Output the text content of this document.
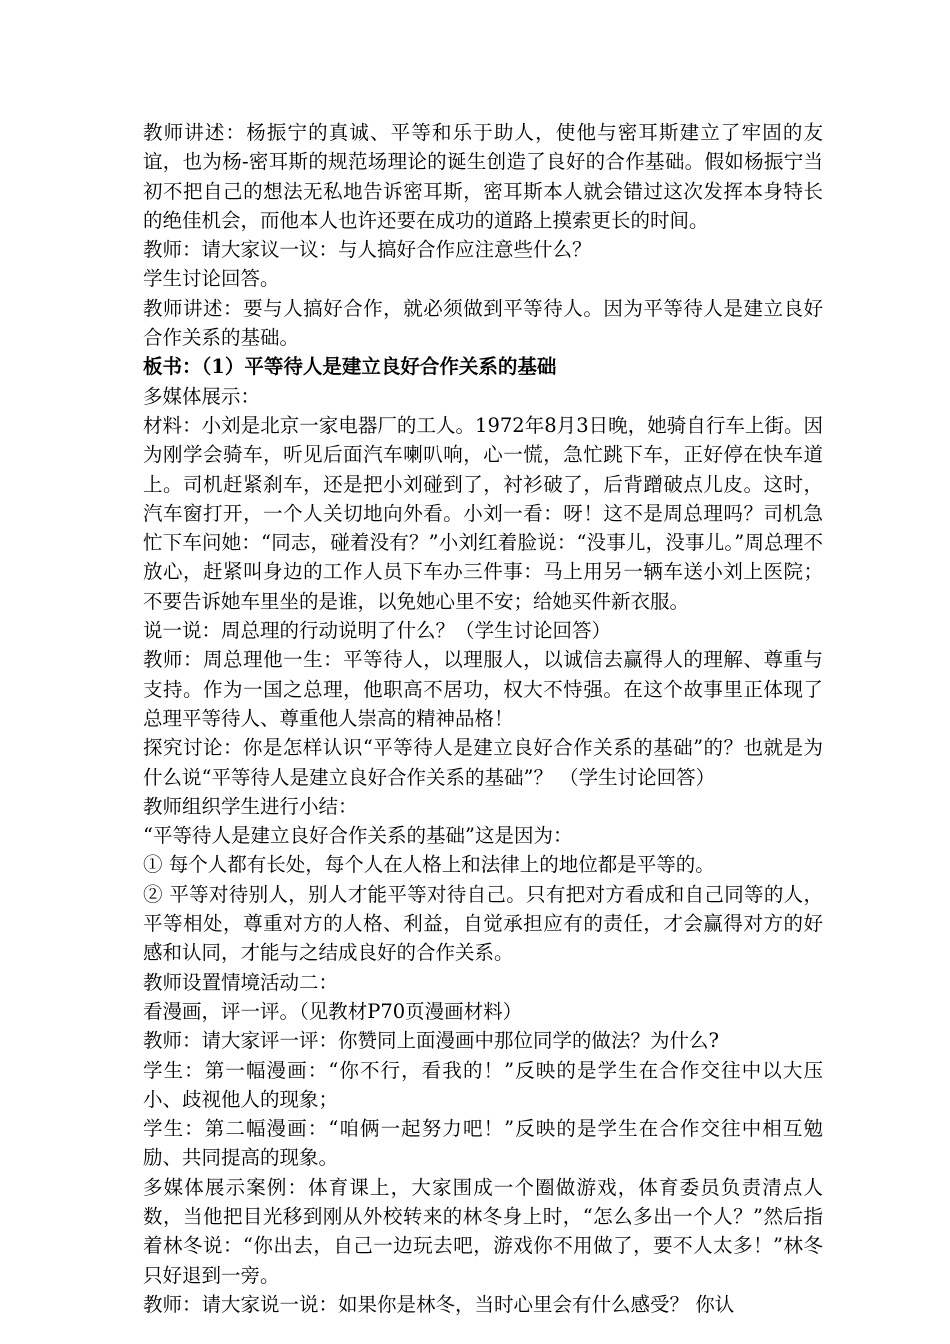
教师讲述：杨振宁的真诚、平等和乐于助人，使他与密耳斯建立了牢固的友谊，也为杨-密耳斯的规范场理论的诞生创造了良好的合作基础。假如杨振宁当初不把自己的想法无私地告诉密耳斯，密耳斯本人就会错过这次发挥本身特长的绝佳机会，而他本人也许还要在成功的道路上摸索更长的时间。

教师：请大家议一议：与人搞好合作应注意些什么？

学生讨论回答。

教师讲述：要与人搞好合作，就必须做到平等待人。因为平等待人是建立良好合作关系的基础。

板书：（1）平等待人是建立良好合作关系的基础

多媒体展示：

材料：小刘是北京一家电器厂的工人。1972年8月3日晚，她骑自行车上街。因为刚学会骑车，听见后面汽车喇叭响，心一慌，急忙跳下车，正好停在快车道上。司机赶紧刹车，还是把小刘碰到了，衬衫破了，后背蹭破点儿皮。这时，汽车窗打开，一个人关切地向外看。小刘一看：呀！这不是周总理吗？司机急忙下车问她：“同志，碰着没有？”小刘红着脸说：“没事儿，没事儿。”周总理不放心，赶紧叫身边的工作人员下车办三件事：马上用另一辆车送小刘上医院；不要告诉她车里坐的是谁，以免她心里不安；给她买件新衣服。

说一说：周总理的行动说明了什么？（学生讨论回答）

教师：周总理他一生：平等待人，以理服人，以诚信去赢得人的理解、尊重与支持。作为一国之总理，他职高不居功，权大不恃强。在这个故事里正体现了总理平等待人、尊重他人崇高的精神品格！

探究讨论：你是怎样认识“平等待人是建立良好合作关系的基础”的？也就是为什么说“平等待人是建立良好合作关系的基础”？ （学生讨论回答）

教师组织学生进行小结：

“平等待人是建立良好合作关系的基础”这是因为：

① 每个人都有长处，每个人在人格上和法律上的地位都是平等的。

② 平等对待别人，别人才能平等对待自己。只有把对方看成和自己同等的人，平等相处，尊重对方的人格、利益，自觉承担应有的责任，才会赢得对方的好感和认同，才能与之结成良好的合作关系。

教师设置情境活动二：

看漫画，评一评。（见教材P70页漫画材料）

教师：请大家评一评：你赞同上面漫画中那位同学的做法？为什么?

学生：第一幅漫画：“你不行，看我的！”反映的是学生在合作交往中以大压小、歧视他人的现象；

学生：第二幅漫画：“咱俩一起努力吧！”反映的是学生在合作交往中相互勉励、共同提高的现象。

多媒体展示案例：体育课上，大家围成一个圈做游戏，体育委员负责清点人数，当他把目光移到刚从外校转来的林冬身上时，“怎么多出一个人？”然后指着林冬说：“你出去，自己一边玩去吧，游戏你不用做了，要不人太多！”林冬只好退到一旁。

教师：请大家说一说：如果你是林冬，当时心里会有什么感受？ 你认
